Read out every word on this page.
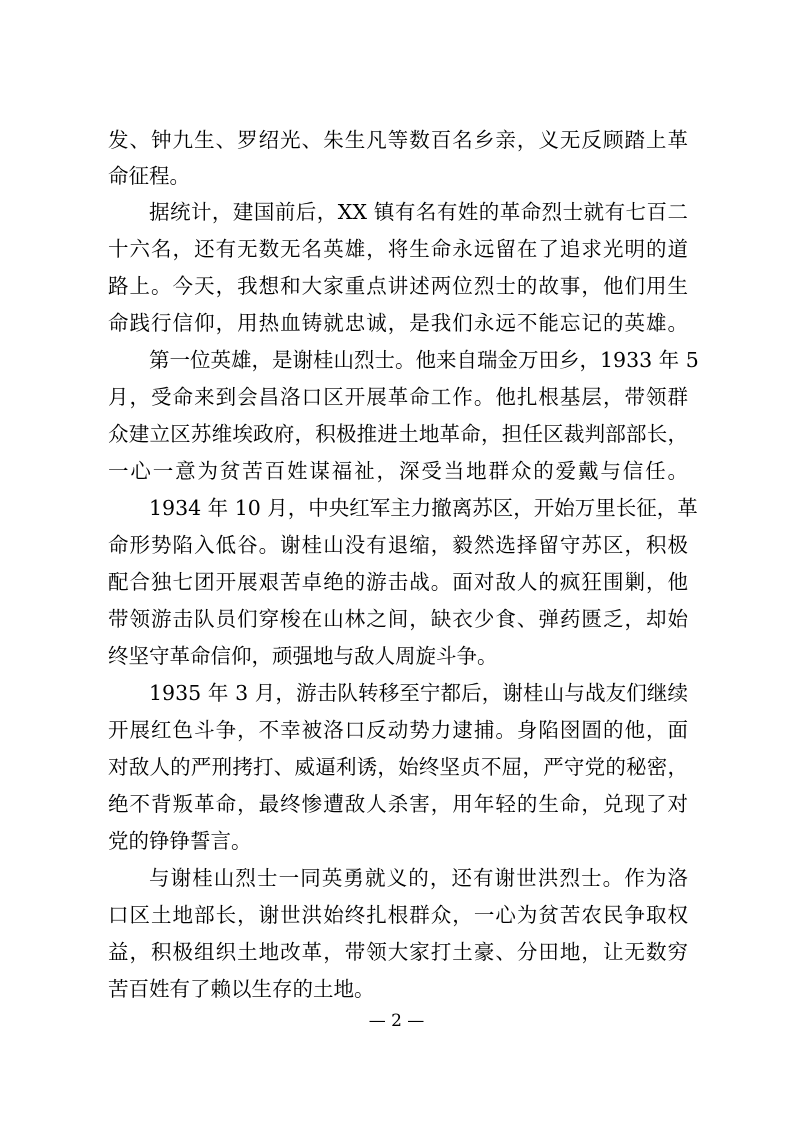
发、钟九生、罗绍光、朱生凡等数百名乡亲，义无反顾踏上革
命征程。
据统计，建国前后，XX 镇有名有姓的革命烈士就有七百二
十六名，还有无数无名英雄，将生命永远留在了追求光明的道
路上。今天，我想和大家重点讲述两位烈士的故事，他们用生
命践行信仰，用热血铸就忠诚，是我们永远不能忘记的英雄。
第一位英雄，是谢桂山烈士。他来自瑞金万田乡，1933 年 5
月，受命来到会昌洛口区开展革命工作。他扎根基层，带领群
众建立区苏维埃政府，积极推进土地革命，担任区裁判部部长，
一心一意为贫苦百姓谋福祉，深受当地群众的爱戴与信任。
1934 年 10 月，中央红军主力撤离苏区，开始万里长征，革
命形势陷入低谷。谢桂山没有退缩，毅然选择留守苏区，积极
配合独七团开展艰苦卓绝的游击战。面对敌人的疯狂围剿，他
带领游击队员们穿梭在山林之间，缺衣少食、弹药匮乏，却始
终坚守革命信仰，顽强地与敌人周旋斗争。
1935 年 3 月，游击队转移至宁都后，谢桂山与战友们继续
开展红色斗争，不幸被洛口反动势力逮捕。身陷囹圄的他，面
对敌人的严刑拷打、威逼利诱，始终坚贞不屈，严守党的秘密，
绝不背叛革命，最终惨遭敌人杀害，用年轻的生命，兑现了对
党的铮铮誓言。
与谢桂山烈士一同英勇就义的，还有谢世洪烈士。作为洛
口区土地部长，谢世洪始终扎根群众，一心为贫苦农民争取权
益，积极组织土地改革，带领大家打土豪、分田地，让无数穷
苦百姓有了赖以生存的土地。
— 2 —
